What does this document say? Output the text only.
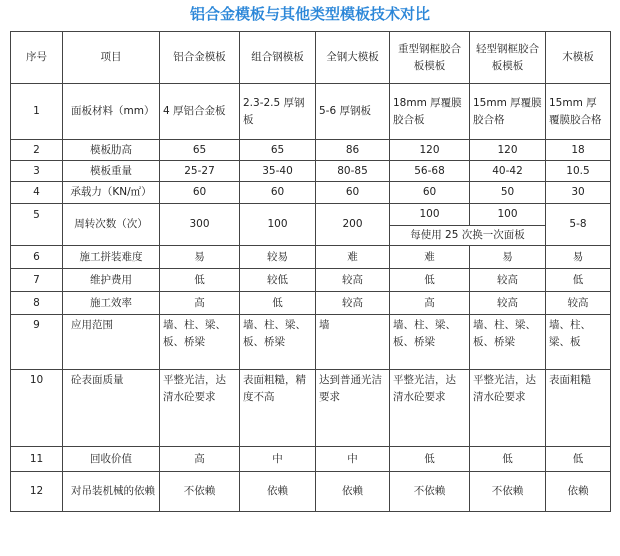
铝合金模板与其他类型模板技术对比
序号	项目	铝合金模板	组合钢模板	全钢大模板	重型钢框胶合板模板	轻型钢框胶合板模板	木模板
1	面板材料（mm）	4 厚铝合金板	2.3-2.5 厚钢板	5-6 厚钢板	18mm 厚覆膜胶合板	15mm 厚覆膜胶合格	15mm 厚覆膜胶合格
2	模板肋高	65	65	86	120	120	18
3	模板重量	25-27	35-40	80-85	56-68	40-42	10.5
4	承载力（KN/㎡）	60	60	60	60	50	30
5	周转次数（次）	300	100	200	100	100	5-8
					每使用 25 次换一次面板		
6	施工拼装难度	易	较易	难	难	易	易
7	维护费用	低	较低	较高	低	较高	低
8	施工效率	高	低	较高	高	较高	较高
9	应用范围	墙、柱、梁、板、桥梁	墙、柱、梁、板、桥梁	墙	墙、柱、梁、板、桥梁	墙、柱、梁、板、桥梁	墙、柱、梁、板
10	砼表面质量	平整光洁，达清水砼要求	表面粗糙，精度不高	达到普通光洁要求	平整光洁，达清水砼要求	平整光洁，达清水砼要求	表面粗糙
11	回收价值	高	中	中	低	低	低
12	对吊装机械的依赖	不依赖	依赖	依赖	不依赖	不依赖	依赖
